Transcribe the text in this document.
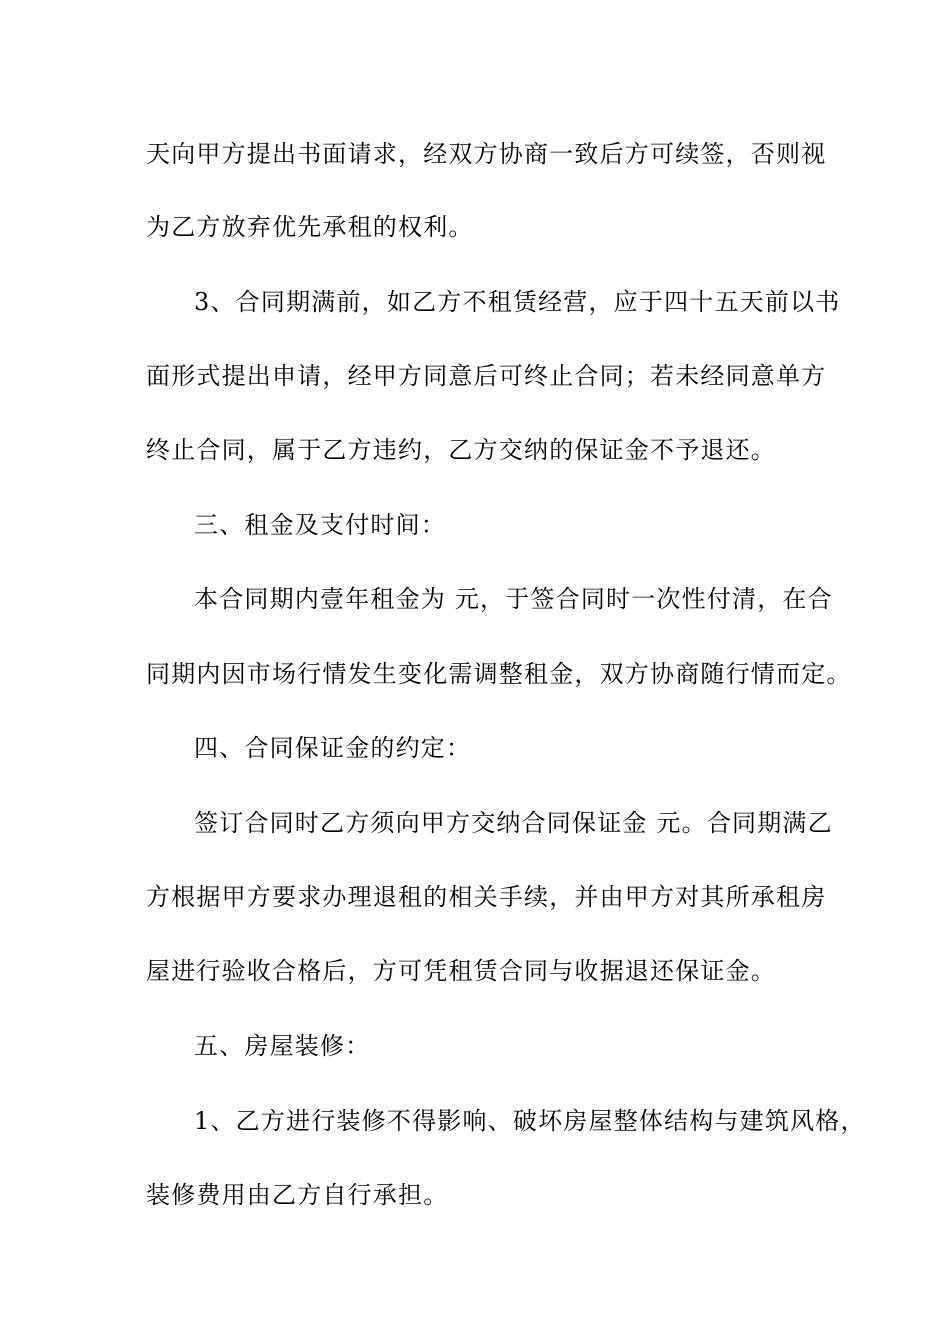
天向甲方提出书面请求，经双方协商一致后方可续签，否则视
为乙方放弃优先承租的权利。
3、合同期满前，如乙方不租赁经营，应于四十五天前以书
面形式提出申请，经甲方同意后可终止合同；若未经同意单方
终止合同，属于乙方违约，乙方交纳的保证金不予退还。
三、租金及支付时间：
本合同期内壹年租金为 元，于签合同时一次性付清，在合
同期内因市场行情发生变化需调整租金，双方协商随行情而定。
四、合同保证金的约定：
签订合同时乙方须向甲方交纳合同保证金 元。合同期满乙
方根据甲方要求办理退租的相关手续，并由甲方对其所承租房
屋进行验收合格后，方可凭租赁合同与收据退还保证金。
五、房屋装修：
1、乙方进行装修不得影响、破坏房屋整体结构与建筑风格，
装修费用由乙方自行承担。
